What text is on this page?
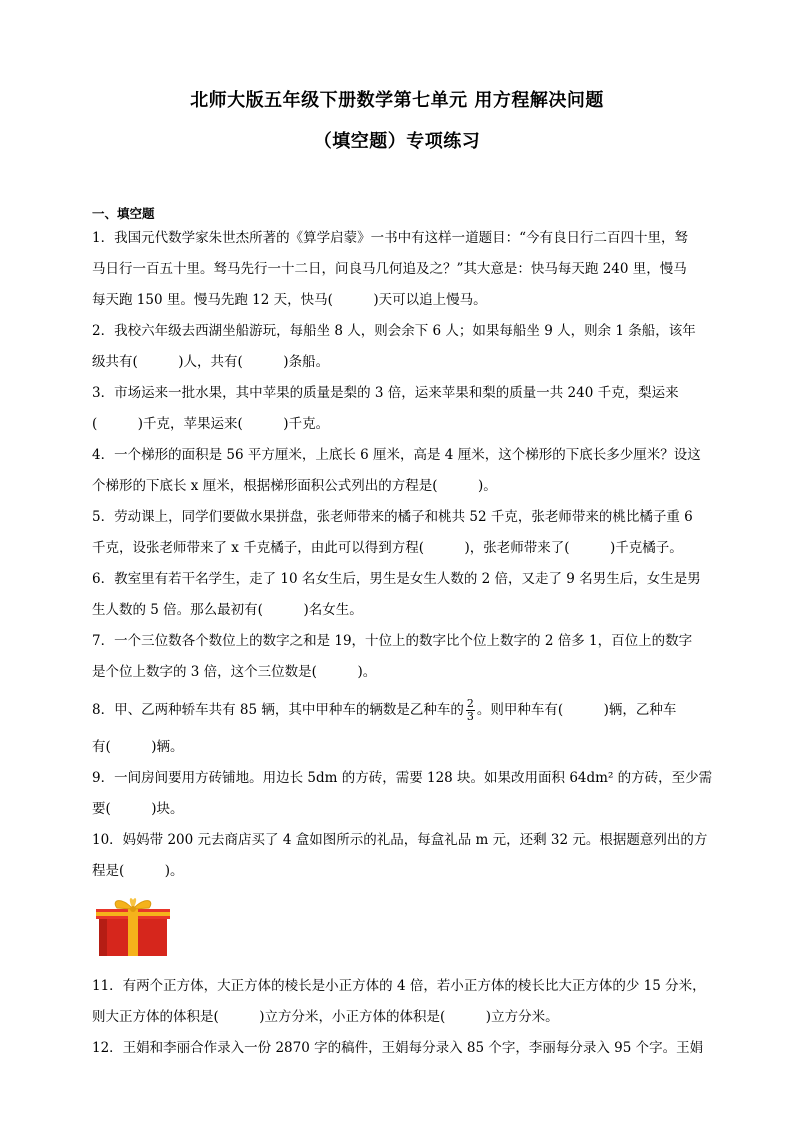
北师大版五年级下册数学第七单元 用方程解决问题
（填空题）专项练习
一、填空题
1．我国元代数学家朱世杰所著的《算学启蒙》一书中有这样一道题目：“今有良日行二百四十里，驽
马日行一百五十里。驽马先行一十二日，问良马几何追及之？”其大意是：快马每天跑 240 里，慢马
每天跑 150 里。慢马先跑 12 天，快马(　　　)天可以追上慢马。
2．我校六年级去西湖坐船游玩，每船坐 8 人，则会余下 6 人；如果每船坐 9 人，则余 1 条船，该年
级共有(　　　)人，共有(　　　)条船。
3．市场运来一批水果，其中苹果的质量是梨的 3 倍，运来苹果和梨的质量一共 240 千克，梨运来
(　　　)千克，苹果运来(　　　)千克。
4．一个梯形的面积是 56 平方厘米，上底长 6 厘米，高是 4 厘米，这个梯形的下底长多少厘米？设这
个梯形的下底长 x 厘米，根据梯形面积公式列出的方程是(　　　)。
5．劳动课上，同学们要做水果拼盘，张老师带来的橘子和桃共 52 千克，张老师带来的桃比橘子重 6
千克，设张老师带来了 x 千克橘子，由此可以得到方程(　　　)，张老师带来了(　　　)千克橘子。
6．教室里有若干名学生，走了 10 名女生后，男生是女生人数的 2 倍，又走了 9 名男生后，女生是男
生人数的 5 倍。那么最初有(　　　)名女生。
7．一个三位数各个数位上的数字之和是 19，十位上的数字比个位上数字的 2 倍多 1，百位上的数字
是个位上数字的 3 倍，这个三位数是(　　　)。
8．甲、乙两种轿车共有 85 辆，其中甲种车的辆数是乙种车的 $\frac{2}{3}$ 。则甲种车有(　　　)辆，乙种车
有(　　　)辆。
9．一间房间要用方砖铺地。用边长 5dm 的方砖，需要 128 块。如果改用面积 64dm² 的方砖，至少需
要(　　　)块。
10．妈妈带 200 元去商店买了 4 盒如图所示的礼品，每盒礼品 m 元，还剩 32 元。根据题意列出的方
程是(　　　)。
11．有两个正方体，大正方体的棱长是小正方体的 4 倍，若小正方体的棱长比大正方体的少 15 分米，
则大正方体的体积是(　　　)立方分米，小正方体的体积是(　　　)立方分米。
12．王娟和李丽合作录入一份 2870 字的稿件，王娟每分录入 85 个字，李丽每分录入 95 个字。王娟
